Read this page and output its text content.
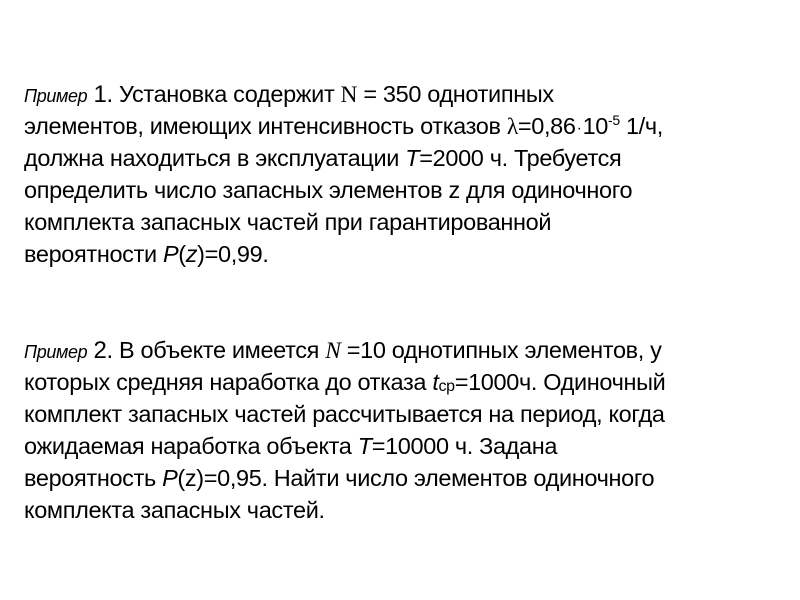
Пример 1. Установка содержит N = 350 однотипных
элементов, имеющих интенсивность отказов $\lambda=0,86\cdot 10^{-5}$ 1/ч,
должна находиться в эксплуатации T=2000 ч. Требуется
определить число запасных элементов z для одиночного
комплекта запасных частей при гарантированной
вероятности P(z)=0,99.
Пример 2. В объекте имеется N =10 однотипных элементов, у
которых средняя наработка до отказа tср=1000ч. Одиночный
комплект запасных частей рассчитывается на период, когда
ожидаемая наработка объекта T=10000 ч. Задана
вероятность P(z)=0,95. Найти число элементов одиночного
комплекта запасных частей.
